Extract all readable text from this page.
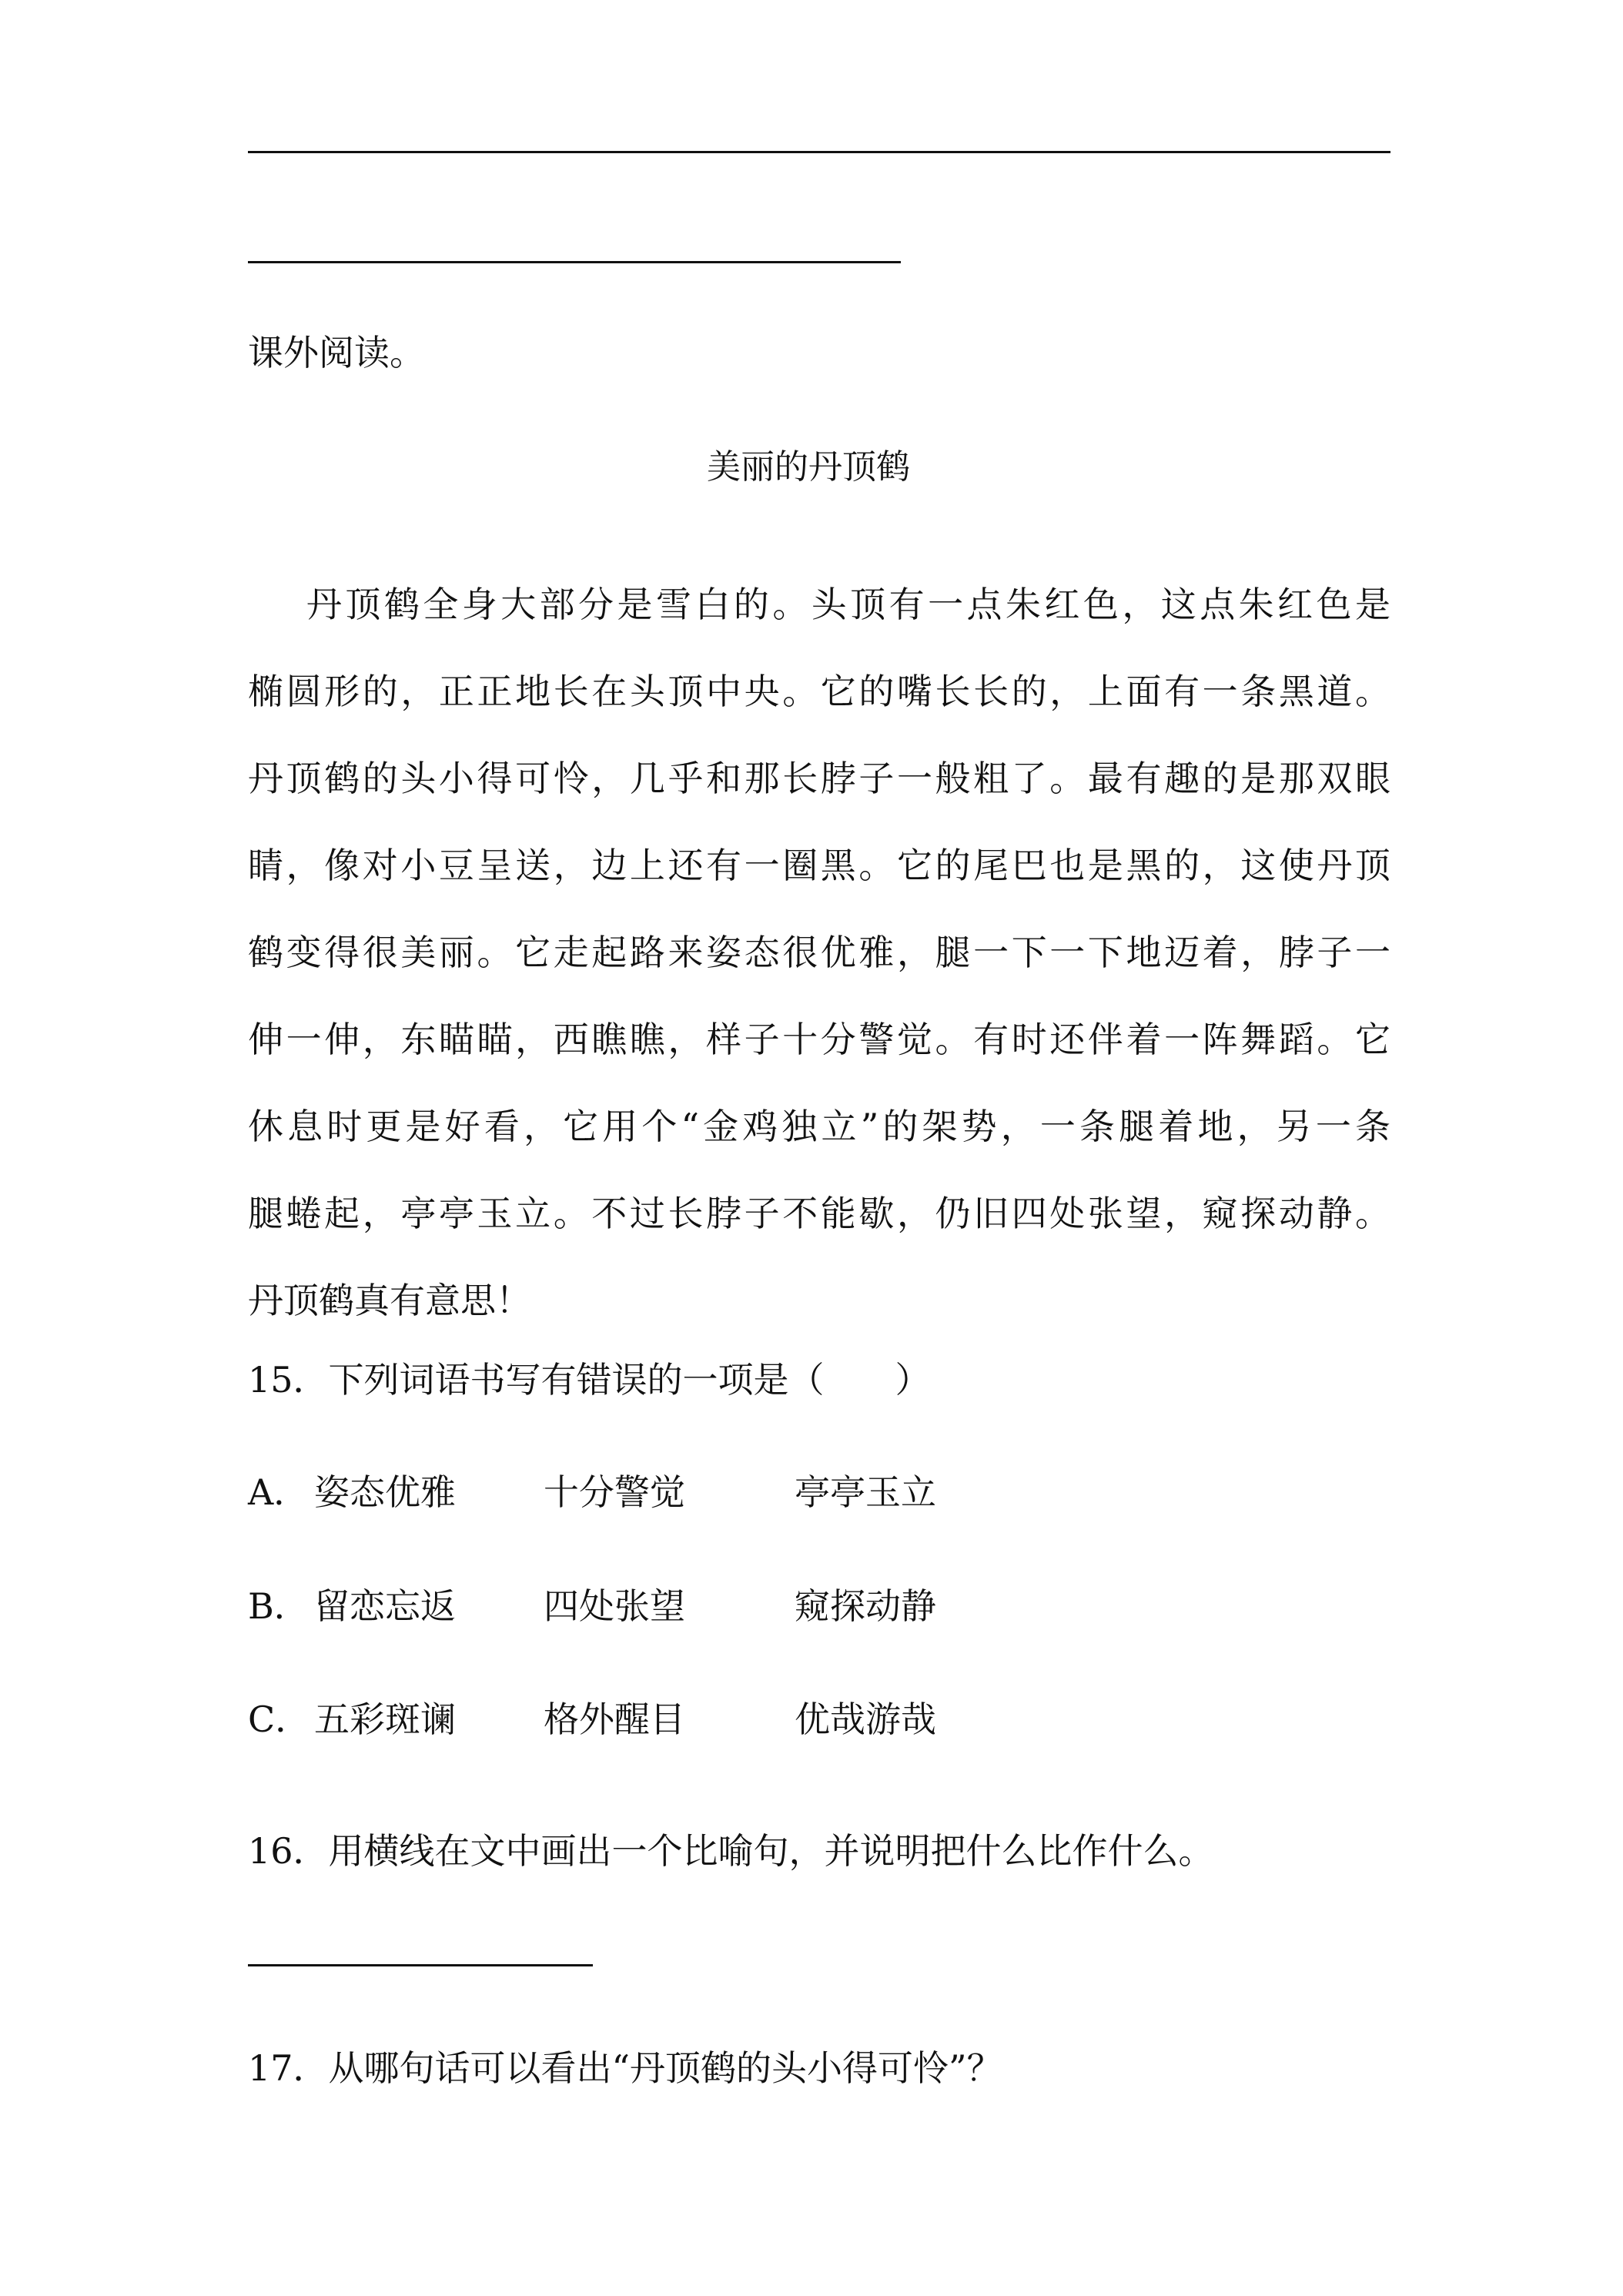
课外阅读。
美丽的丹顶鹤
丹顶鹤全身大部分是雪白的。头顶有一点朱红色，这点朱红色是
椭圆形的，正正地长在头顶中央。它的嘴长长的，上面有一条黑道。
丹顶鹤的头小得可怜，几乎和那长脖子一般粗了。最有趣的是那双眼
睛，像对小豆呈送，边上还有一圈黑。它的尾巴也是黑的，这使丹顶
鹤变得很美丽。它走起路来姿态很优雅，腿一下一下地迈着，脖子一
伸一伸，东瞄瞄，西瞧瞧，样子十分警觉。有时还伴着一阵舞蹈。它
休息时更是好看，它用个“金鸡独立”的架势，一条腿着地，另一条
腿蜷起，亭亭玉立。不过长脖子不能歇，仍旧四处张望，窥探动静。
丹顶鹤真有意思！
15．下列词语书写有错误的一项是（　　）
A． 姿态优雅 十分警觉	亭亭玉立
B． 留恋忘返 四处张望	窥探动静
C． 五彩斑谰 格外醒目	优哉游哉
16．用横线在文中画出一个比喻句，并说明把什么比作什么。
17．从哪句话可以看出“丹顶鹤的头小得可怜”？
